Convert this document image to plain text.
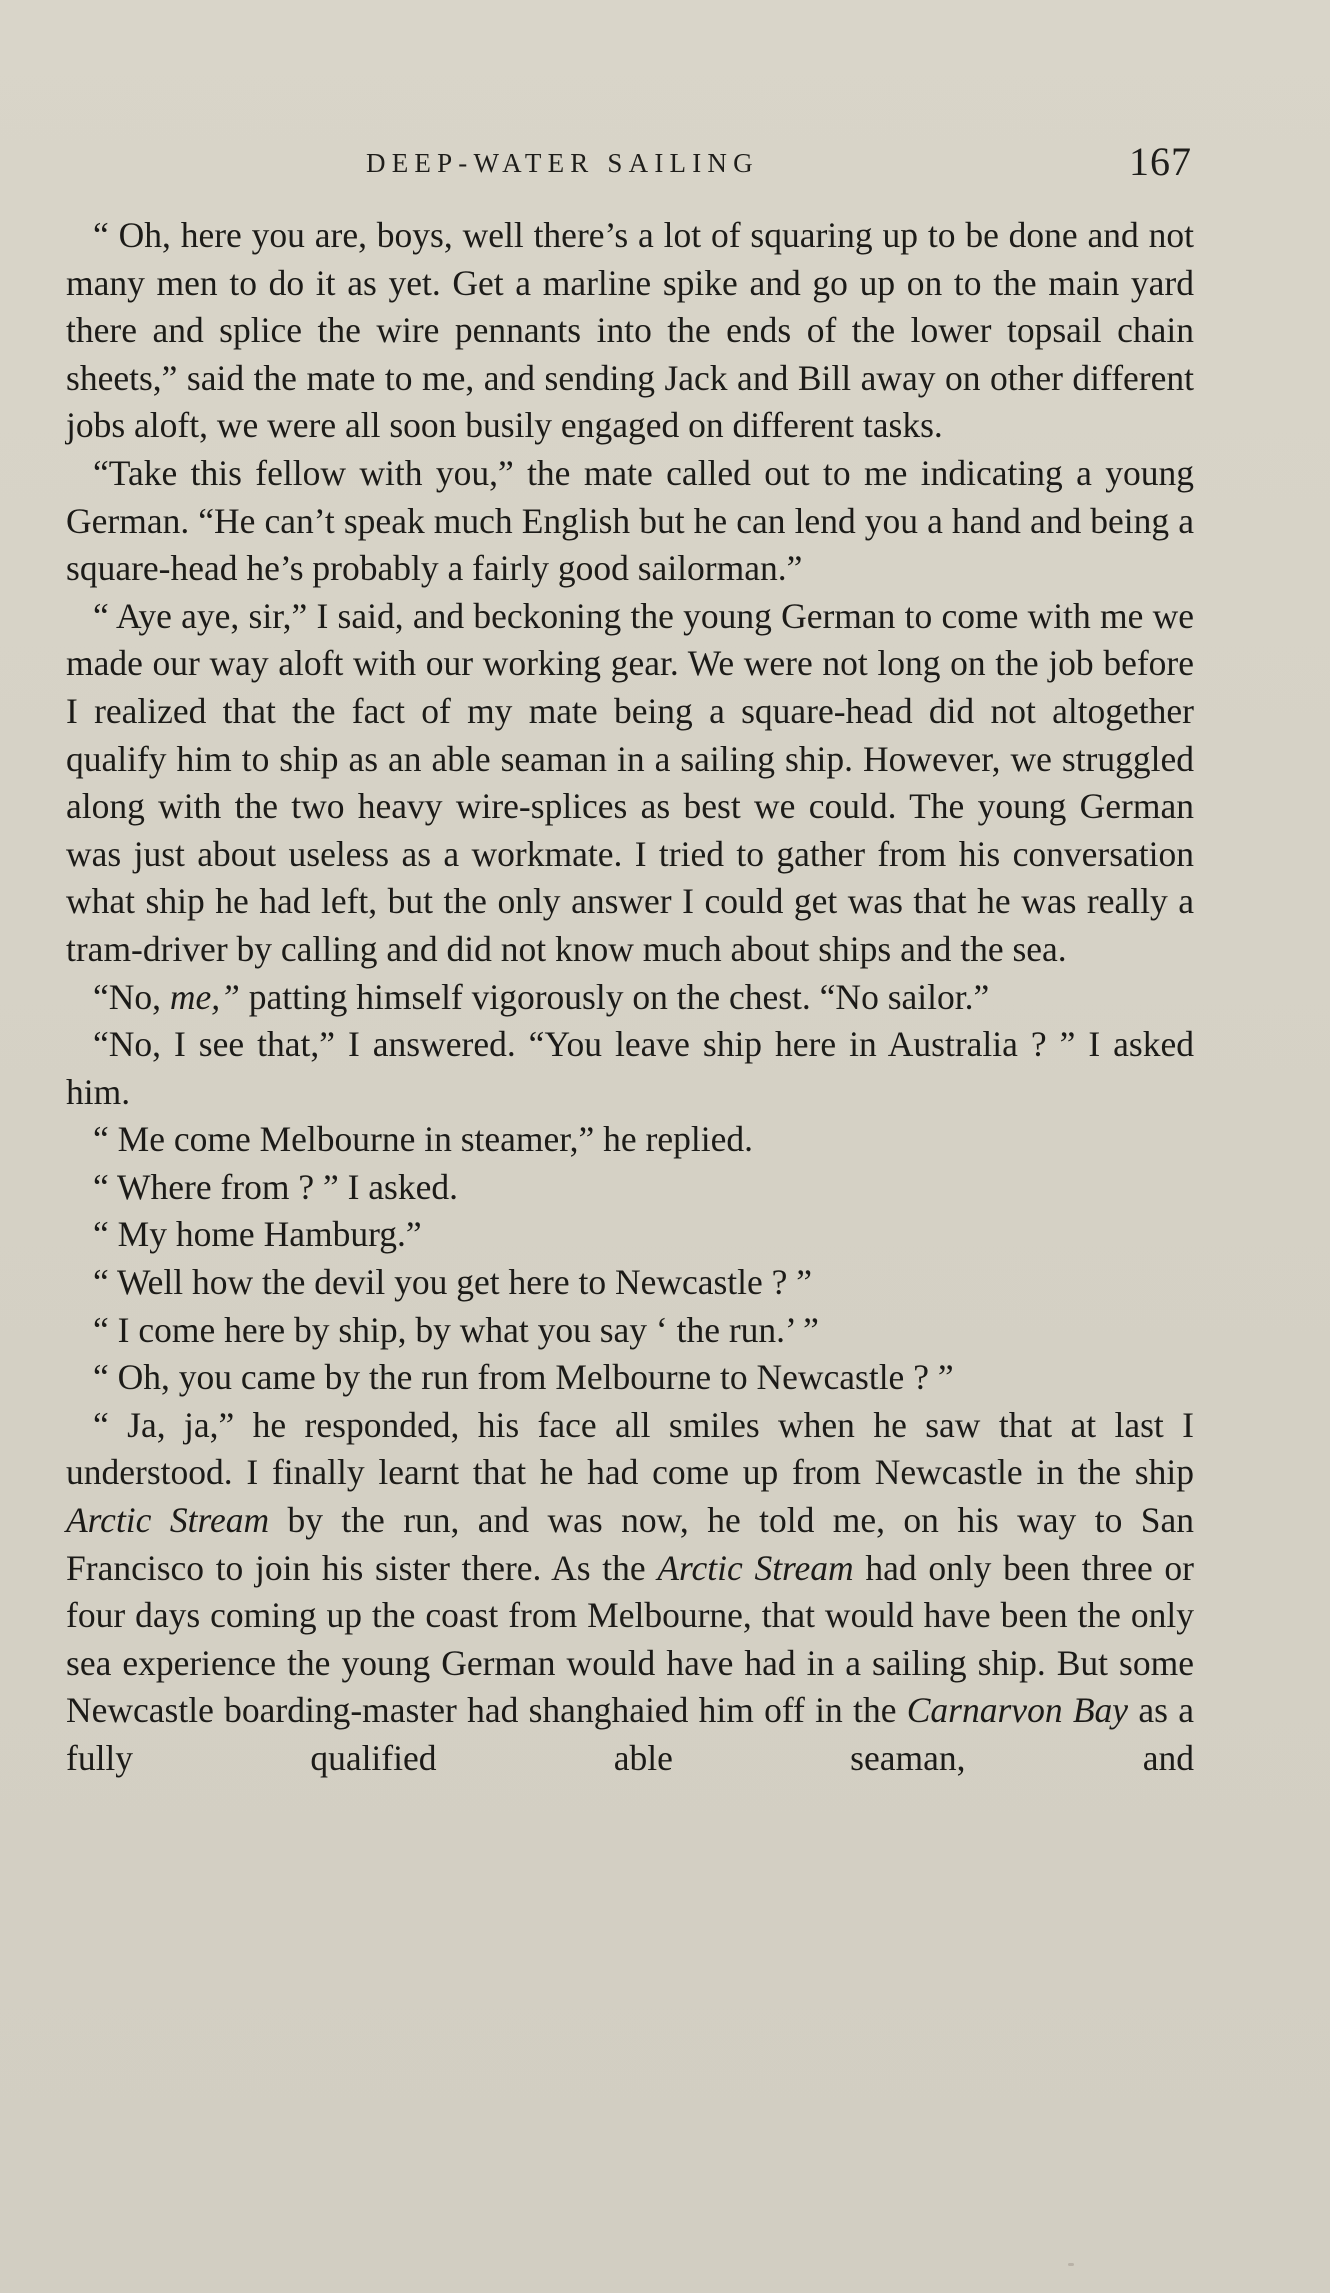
DEEP-WATER SAILING	167

“ Oh, here you are, boys, well there’s a lot of squaring up to be done and not many men to do it as yet. Get a marline spike and go up on to the main yard there and splice the wire pennants into the ends of the lower topsail chain sheets,” said the mate to me, and sending Jack and Bill away on other different jobs aloft, we were all soon busily engaged on different tasks.

“Take this fellow with you,” the mate called out to me indicating a young German. “He can’t speak much English but he can lend you a hand and being a square-head he’s probably a fairly good sailorman.”

“ Aye aye, sir,” I said, and beckoning the young German to come with me we made our way aloft with our working gear. We were not long on the job before I realized that the fact of my mate being a square-head did not altogether qualify him to ship as an able seaman in a sailing ship. However, we struggled along with the two heavy wire-splices as best we could. The young German was just about useless as a workmate. I tried to gather from his conversation what ship he had left, but the only answer I could get was that he was really a tram-driver by calling and did not know much about ships and the sea.

“No, me,” patting himself vigorously on the chest. “No sailor.”

“No, I see that,” I answered. “You leave ship here in Australia ? ” I asked him.

“ Me come Melbourne in steamer,” he replied.

“ Where from ? ” I asked.

“ My home Hamburg.”

“ Well how the devil you get here to Newcastle ? ”

“ I come here by ship, by what you say ‘ the run.’ ”

“ Oh, you came by the run from Melbourne to Newcastle ? ”

“ Ja, ja,” he responded, his face all smiles when he saw that at last I understood. I finally learnt that he had come up from Newcastle in the ship Arctic Stream by the run, and was now, he told me, on his way to San Francisco to join his sister there. As the Arctic Stream had only been three or four days coming up the coast from Melbourne, that would have been the only sea experience the young German would have had in a sailing ship. But some Newcastle boarding-master had shanghaied him off in the Carnarvon Bay as a fully qualified able seaman, and
